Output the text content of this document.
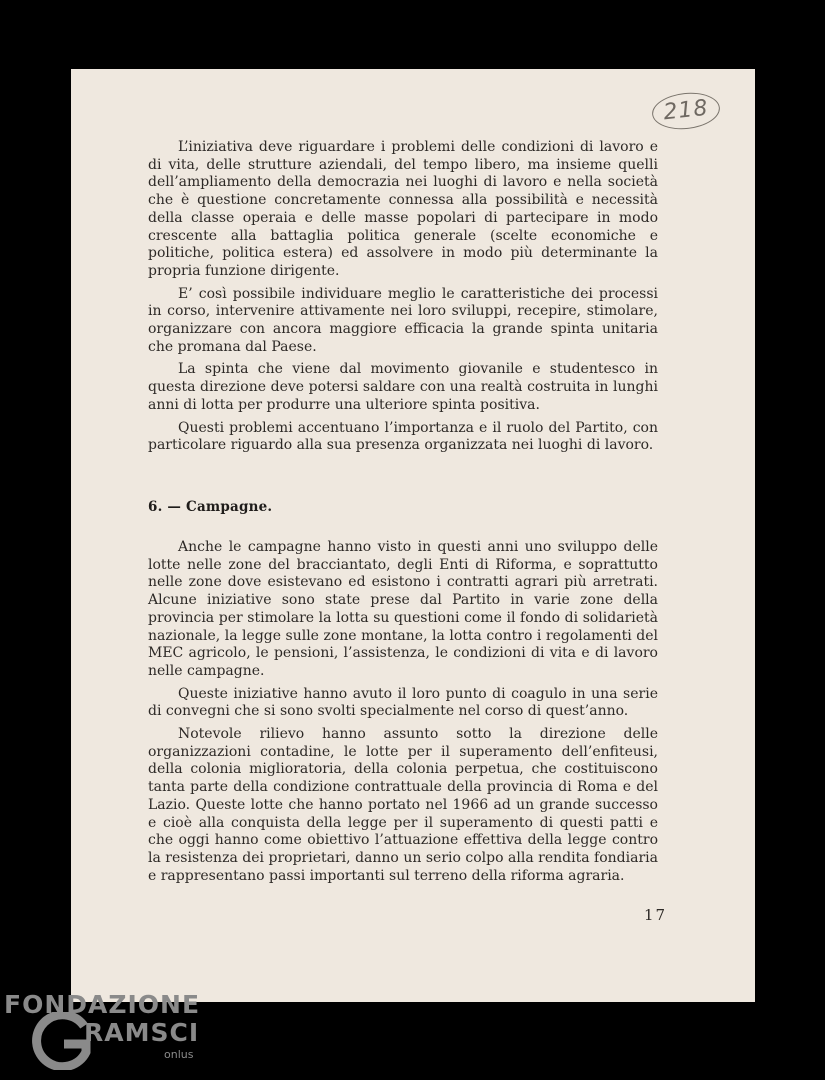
218

L’iniziativa deve riguardare i problemi delle condizioni di lavoro e di vita, delle strutture aziendali, del tempo libero, ma insieme quelli dell’ampliamento della democrazia nei luoghi di lavoro e nella società che è questione concretamente connessa alla possibilità e necessità della classe operaia e delle masse popolari di partecipare in modo crescente alla battaglia politica generale (scelte economiche e politiche, politica estera) ed assolvere in modo più determinante la propria funzione dirigente.

E’ così possibile individuare meglio le caratteristiche dei processi in corso, intervenire attivamente nei loro sviluppi, recepire, stimolare, organizzare con ancora maggiore efficacia la grande spinta unitaria che promana dal Paese.

La spinta che viene dal movimento giovanile e studentesco in questa direzione deve potersi saldare con una realtà costruita in lunghi anni di lotta per produrre una ulteriore spinta positiva.

Questi problemi accentuano l’importanza e il ruolo del Partito, con particolare riguardo alla sua presenza organizzata nei luoghi di lavoro.

6. — Campagne.

Anche le campagne hanno visto in questi anni uno sviluppo delle lotte nelle zone del bracciantato, degli Enti di Riforma, e soprattutto nelle zone dove esistevano ed esistono i contratti agrari più arretrati. Alcune iniziative sono state prese dal Partito in varie zone della provincia per stimolare la lotta su questioni come il fondo di solidarietà nazionale, la legge sulle zone montane, la lotta contro i regolamenti del MEC agricolo, le pensioni, l’assistenza, le condizioni di vita e di lavoro nelle campagne.

Queste iniziative hanno avuto il loro punto di coagulo in una serie di convegni che si sono svolti specialmente nel corso di quest’anno.

Notevole rilievo hanno assunto sotto la direzione delle organizzazioni contadine, le lotte per il superamento dell’enfiteusi, della colonia miglioratoria, della colonia perpetua, che costituiscono tanta parte della condizione contrattuale della provincia di Roma e del Lazio. Queste lotte che hanno portato nel 1966 ad un grande successo e cioè alla conquista della legge per il superamento di questi patti e che oggi hanno come obiettivo l’attuazione effettiva della legge contro la resistenza dei proprietari, danno un serio colpo alla rendita fondiaria e rappresentano passi importanti sul terreno della riforma agraria.

17
FONDAZIONE
RAMSCI
onlus
